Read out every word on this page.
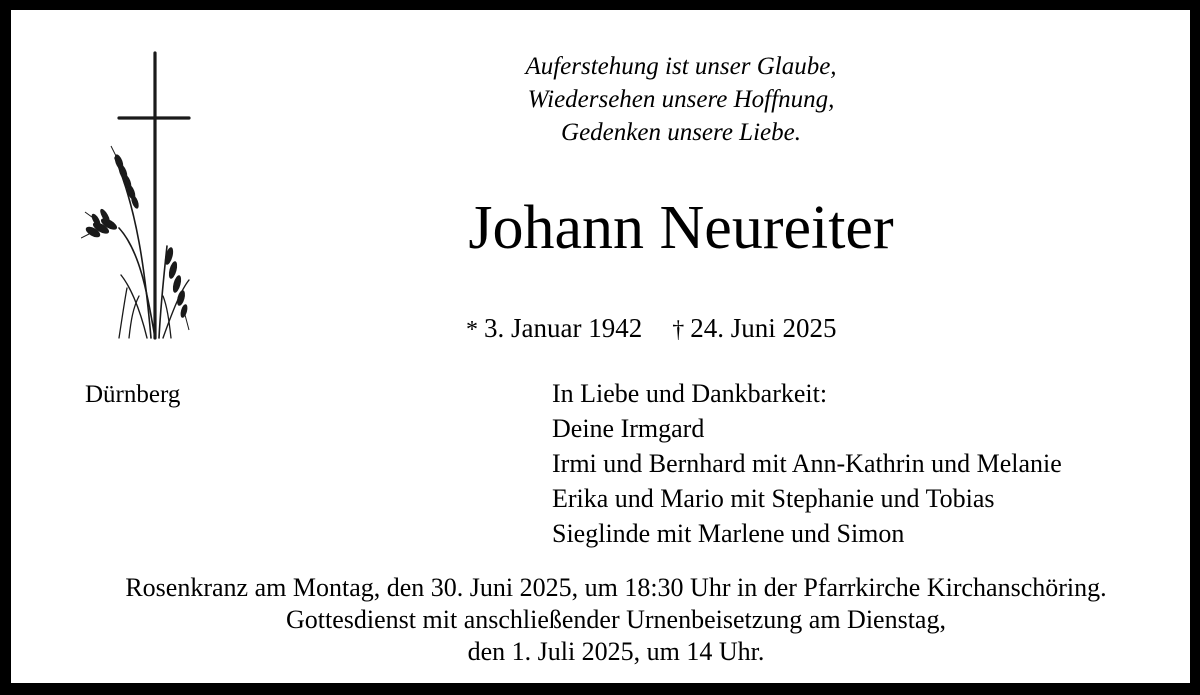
Auferstehung ist unser Glaube,
Wiedersehen unsere Hoffnung,
Gedenken unsere Liebe.
Johann Neureiter
* 3. Januar 1942 † 24. Juni 2025
Dürnberg	In Liebe und Dankbarkeit:
Deine Irmgard
Irmi und Bernhard mit Ann-Kathrin und Melanie
Erika und Mario mit Stephanie und Tobias
Sieglinde mit Marlene und Simon
Rosenkranz am Montag, den 30. Juni 2025, um 18:30 Uhr in der Pfarrkirche Kirchanschöring.
Gottesdienst mit anschließender Urnenbeisetzung am Dienstag,
den 1. Juli 2025, um 14 Uhr.
